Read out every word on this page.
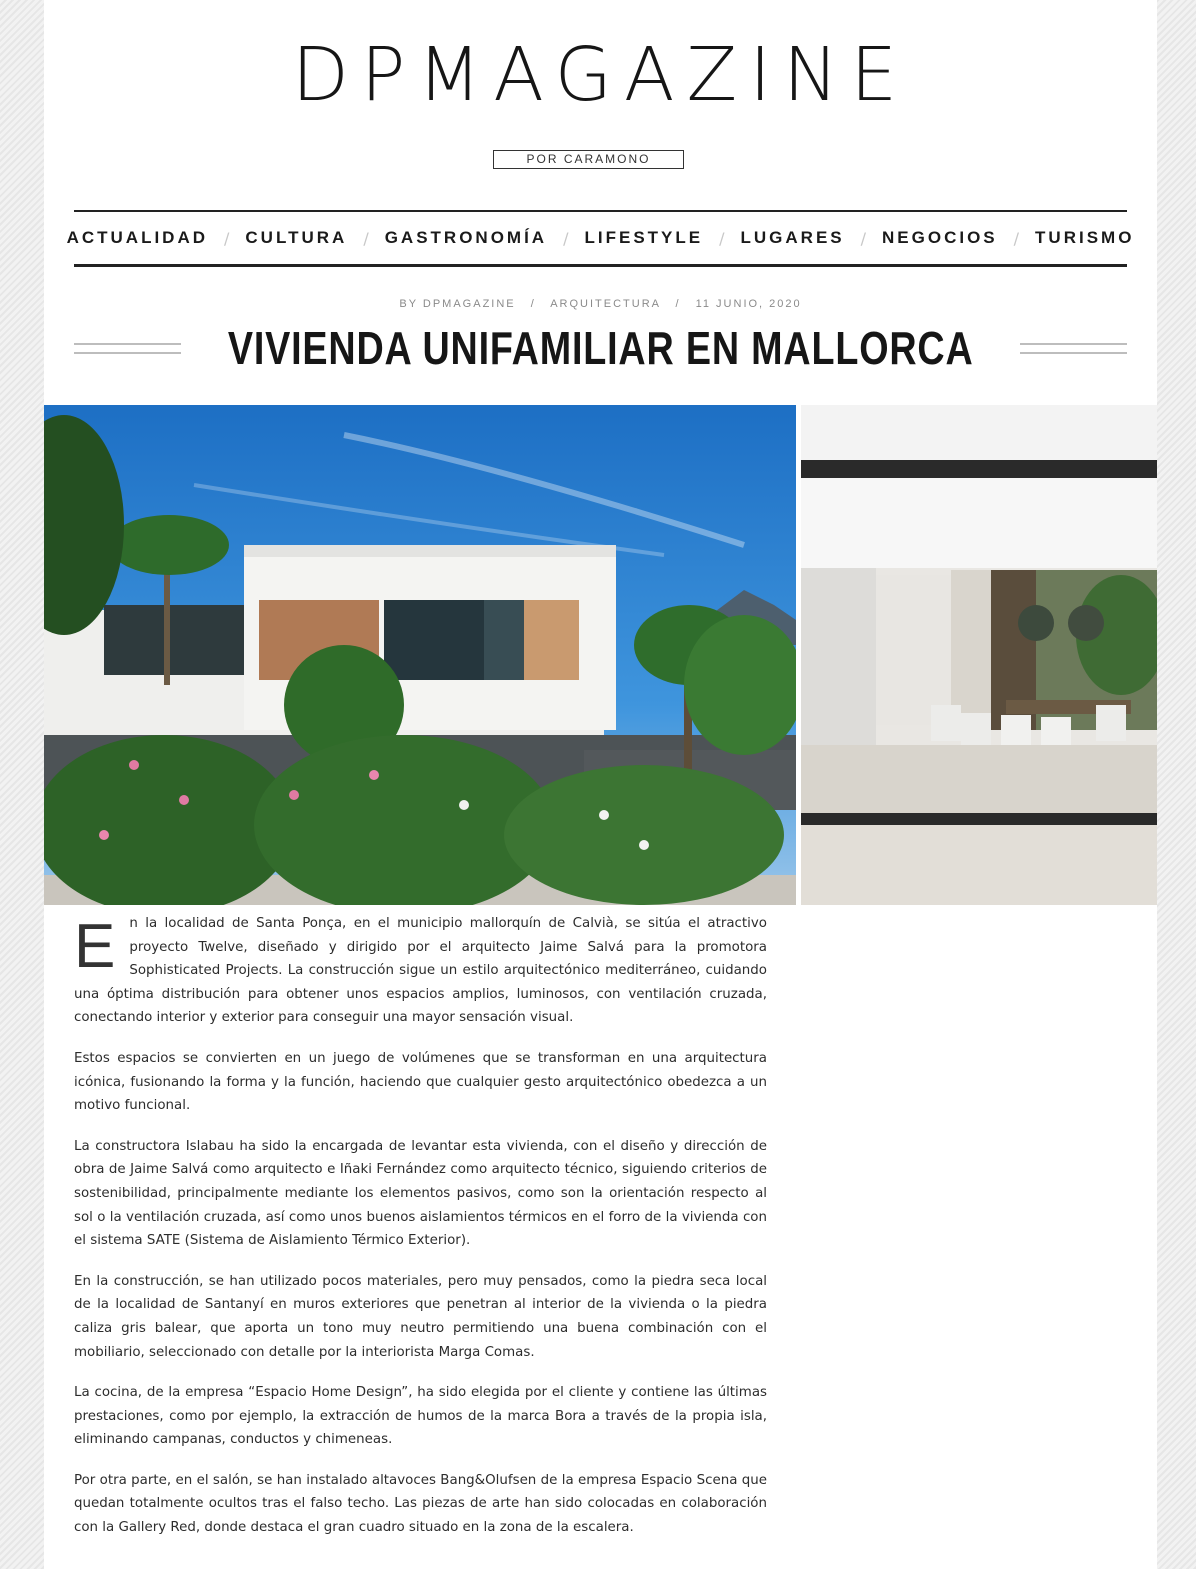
DPMAGAZINE
POR CARAMONO
ACTUALIDAD	/ CULTURA	/ GASTRONOMÍA	/ LIFESTYLE	/ LUGARES	/ NEGOCIOS	/ TURISMO
BY DPMAGAZINE / ARQUITECTURA / 11 JUNIO, 2020
VIVIENDA UNIFAMILIAR EN MALLORCA

E n la localidad de Santa Ponça, en el municipio mallorquín de Calvià, se sitúa el atractivo proyecto Twelve, diseñado y dirigido por el arquitecto Jaime Salvá para la promotora Sophisticated Projects. La construcción sigue un estilo arquitectónico mediterráneo, cuidando una óptima distribución para obtener unos espacios amplios, luminosos, con ventilación cruzada, conectando interior y exterior para conseguir una mayor sensación visual.

Estos espacios se convierten en un juego de volúmenes que se transforman en una arquitectura icónica, fusionando la forma y la función, haciendo que cualquier gesto arquitectónico obedezca a un motivo funcional.

La constructora Islabau ha sido la encargada de levantar esta vivienda, con el diseño y dirección de obra de Jaime Salvá como arquitecto e Iñaki Fernández como arquitecto técnico, siguiendo criterios de sostenibilidad, principalmente mediante los elementos pasivos, como son la orientación respecto al sol o la ventilación cruzada, así como unos buenos aislamientos térmicos en el forro de la vivienda con el sistema SATE (Sistema de Aislamiento Térmico Exterior).

En la construcción, se han utilizado pocos materiales, pero muy pensados, como la piedra seca local de la localidad de Santanyí en muros exteriores que penetran al interior de la vivienda o la piedra caliza gris balear, que aporta un tono muy neutro permitiendo una buena combinación con el mobiliario, seleccionado con detalle por la interiorista Marga Comas.

La cocina, de la empresa “Espacio Home Design”, ha sido elegida por el cliente y contiene las últimas prestaciones, como por ejemplo, la extracción de humos de la marca Bora a través de la propia isla, eliminando campanas, conductos y chimeneas.

Por otra parte, en el salón, se han instalado altavoces Bang&Olufsen de la empresa Espacio Scena que quedan totalmente ocultos tras el falso techo. Las piezas de arte han sido colocadas en colaboración con la Gallery Red, donde destaca el gran cuadro situado en la zona de la escalera.
